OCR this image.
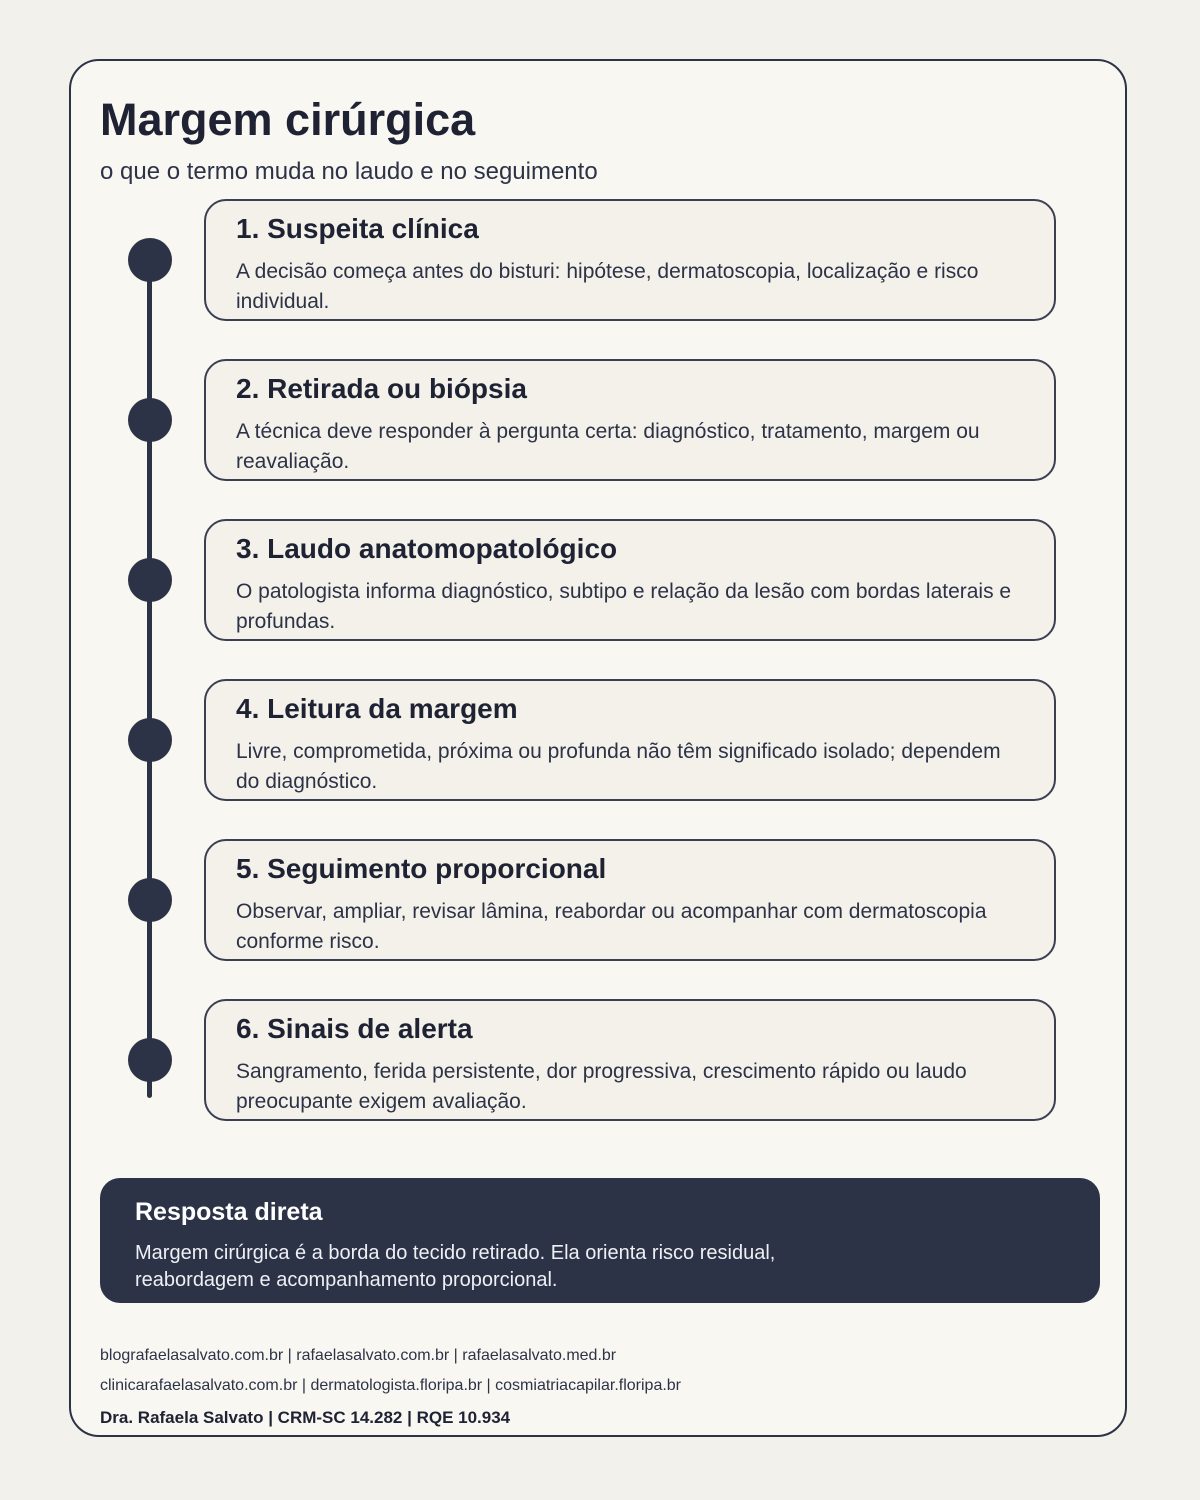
Margem cirúrgica

o que o termo muda no laudo e no seguimento

1. Suspeita clínica

A decisão começa antes do bisturi: hipótese, dermatoscopia, localização e risco individual.

2. Retirada ou biópsia

A técnica deve responder à pergunta certa: diagnóstico, tratamento, margem ou reavaliação.

3. Laudo anatomopatológico

O patologista informa diagnóstico, subtipo e relação da lesão com bordas laterais e profundas.

4. Leitura da margem

Livre, comprometida, próxima ou profunda não têm significado isolado; dependem do diagnóstico.

5. Seguimento proporcional

Observar, ampliar, revisar lâmina, reabordar ou acompanhar com dermatoscopia conforme risco.

6. Sinais de alerta

Sangramento, ferida persistente, dor progressiva, crescimento rápido ou laudo preocupante exigem avaliação.

Resposta direta

Margem cirúrgica é a borda do tecido retirado. Ela orienta risco residual, reabordagem e acompanhamento proporcional.

blografaelasalvato.com.br | rafaelasalvato.com.br | rafaelasalvato.med.br

clinicarafaelasalvato.com.br | dermatologista.floripa.br | cosmiatriacapilar.floripa.br

Dra. Rafaela Salvato | CRM-SC 14.282 | RQE 10.934
